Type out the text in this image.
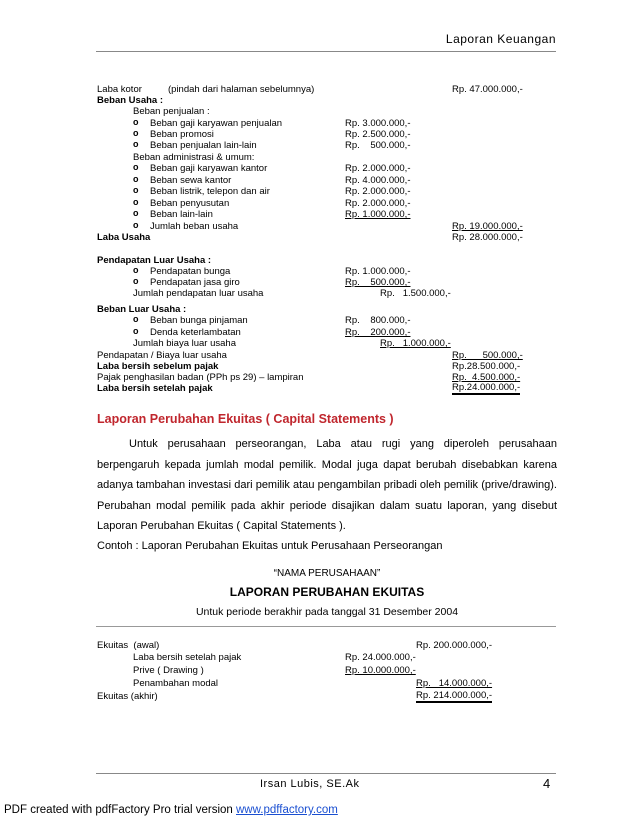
Laporan Keuangan
Laba kotor	(pindah dari halaman sebelumnya)	Rp. 47.000.000,-
Beban Usaha :
Beban penjualan :
o Beban gaji karyawan penjualan	Rp. 3.000.000,-
o Beban promosi	Rp. 2.500.000,-
o Beban penjualan lain-lain	Rp.    500.000,-
Beban administrasi & umum:
o Beban gaji karyawan kantor	Rp. 2.000.000,-
o Beban sewa kantor	Rp. 4.000.000,-
o Beban listrik, telepon dan air	Rp. 2.000.000,-
o Beban penyusutan	Rp. 2.000.000,-
o Beban lain-lain	Rp. 1.000.000,-
o Jumlah beban usaha	Rp. 19.000.000,-
Laba Usaha	Rp. 28.000.000,-
Pendapatan Luar Usaha :
o Pendapatan bunga	Rp. 1.000.000,-
o Pendapatan jasa giro	Rp.    500.000,-
Jumlah pendapatan luar usaha	Rp.   1.500.000,-
Beban Luar Usaha :
o Beban bunga pinjaman	Rp.    800.000,-
o Denda keterlambatan	Rp.    200.000,-
Jumlah biaya luar usaha	Rp.   1.000.000,-
Pendapatan / Biaya luar usaha	Rp.      500.000,-
Laba bersih sebelum pajak	Rp.28.500.000,-
Pajak penghasilan badan (PPh ps 29) – lampiran	Rp.  4.500.000,-
Laba bersih setelah pajak	Rp.24.000.000,-
Laporan Perubahan Ekuitas ( Capital Statements )
Untuk perusahaan perseorangan, Laba atau rugi yang diperoleh perusahaan berpengaruh kepada jumlah modal pemilik. Modal juga dapat berubah disebabkan karena adanya tambahan investasi dari pemilik atau pengambilan pribadi oleh pemilik (prive/drawing). Perubahan modal pemilik pada akhir periode disajikan dalam suatu laporan, yang disebut Laporan Perubahan Ekuitas ( Capital Statements ).
Contoh : Laporan Perubahan Ekuitas untuk Perusahaan Perseorangan
“NAMA PERUSAHAAN”
LAPORAN PERUBAHAN EKUITAS
Untuk periode berakhir pada tanggal 31 Desember 2004
Ekuitas  (awal)	Rp. 200.000.000,-
Laba bersih setelah pajak	Rp. 24.000.000,-
Prive ( Drawing )	Rp. 10.000.000,-
Penambahan modal	Rp.   14.000.000,-
Ekuitas (akhir)	Rp. 214.000.000,-
Irsan Lubis, SE.Ak	4
PDF created with pdfFactory Pro trial version www.pdffactory.com
